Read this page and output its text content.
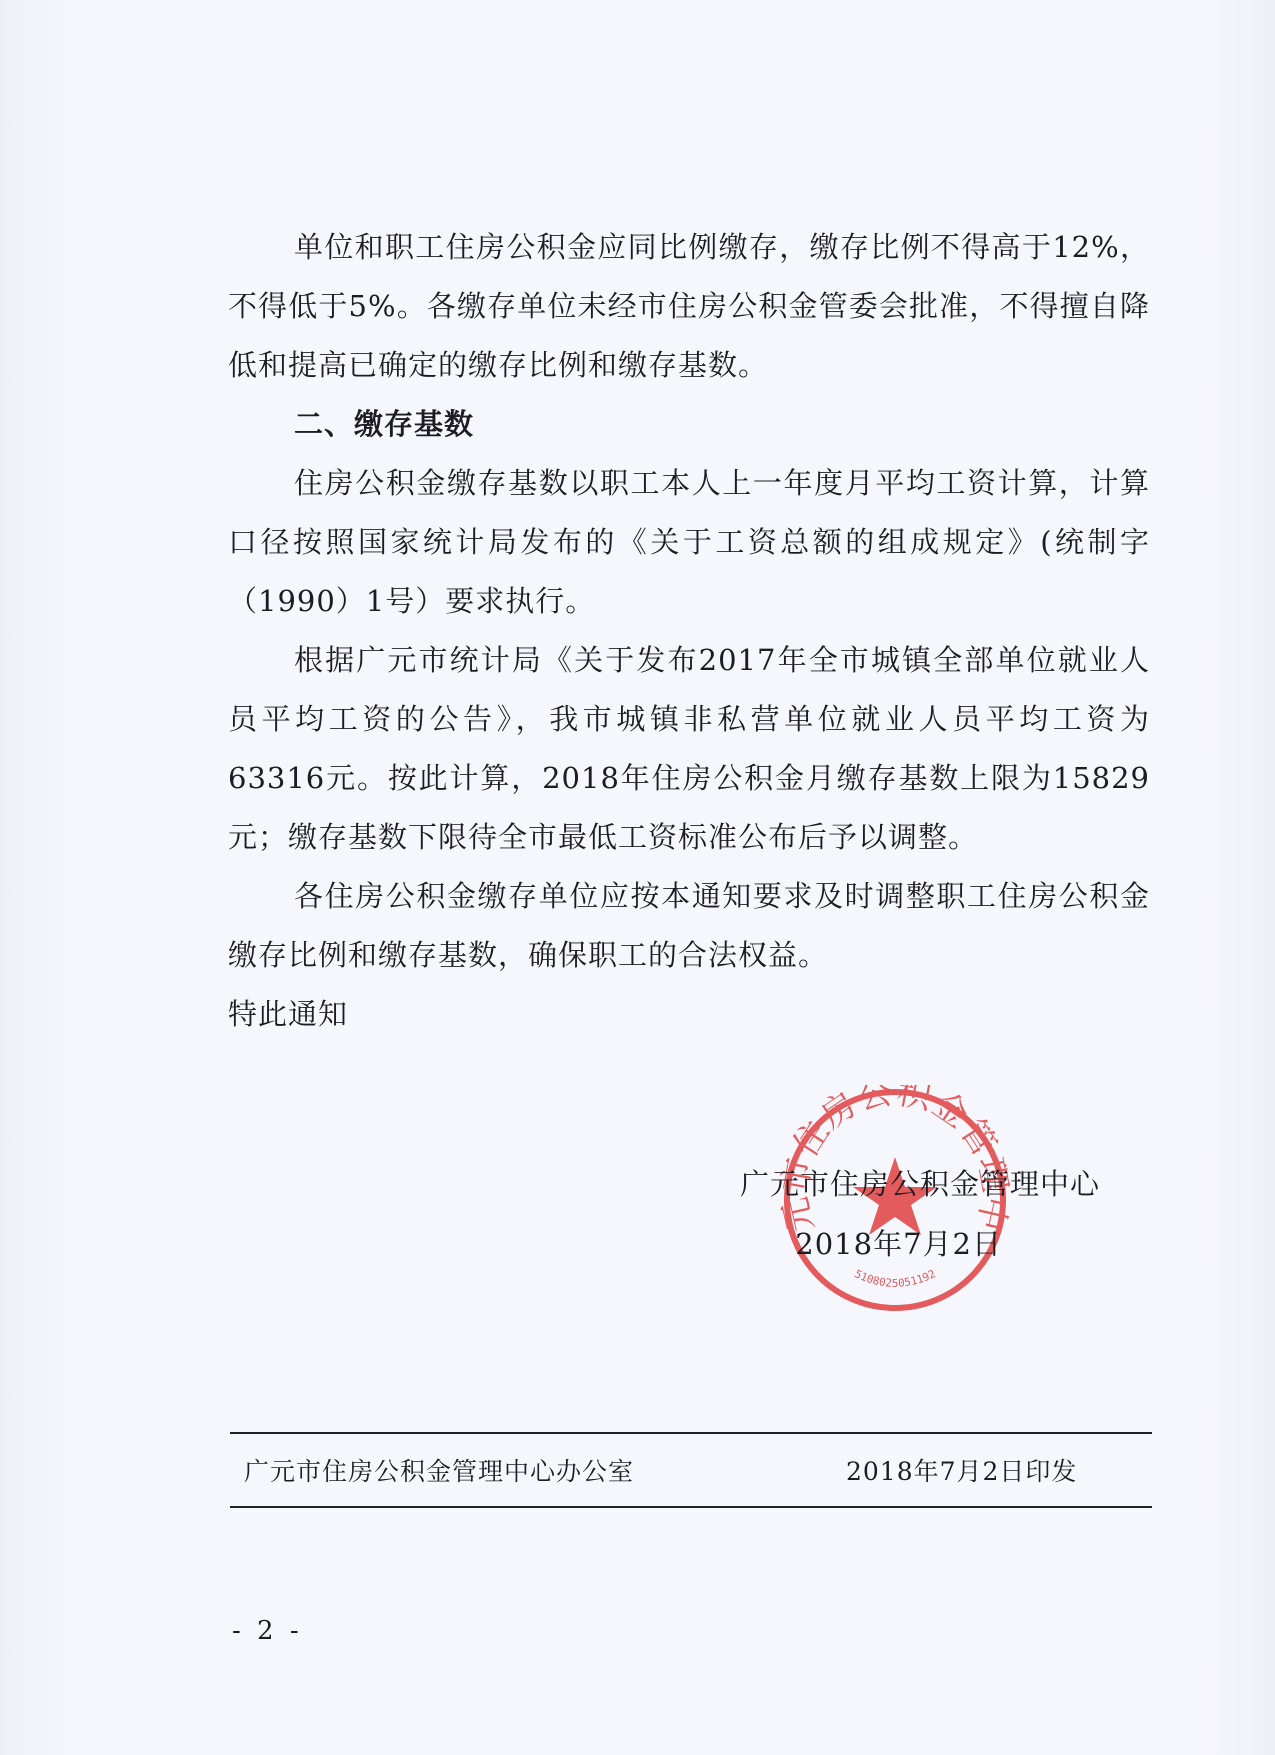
单位和职工住房公积金应同比例缴存，缴存比例不得高于12%，不得低于5%。各缴存单位未经市住房公积金管委会批准，不得擅自降低和提高已确定的缴存比例和缴存基数。

二、缴存基数

住房公积金缴存基数以职工本人上一年度月平均工资计算，计算口径按照国家统计局发布的《关于工资总额的组成规定》(统制字（1990）1号）要求执行。

根据广元市统计局《关于发布2017年全市城镇全部单位就业人员平均工资的公告》，我市城镇非私营单位就业人员平均工资为63316元。按此计算，2018年住房公积金月缴存基数上限为15829元；缴存基数下限待全市最低工资标准公布后予以调整。

各住房公积金缴存单位应按本通知要求及时调整职工住房公积金缴存比例和缴存基数，确保职工的合法权益。

特此通知

住房公积金管
5108025051192
广元市住房公积金管理中心
2018年7月2日
广元市住房公积金管理中心办公室	2018年7月2日印发
- 2 -
